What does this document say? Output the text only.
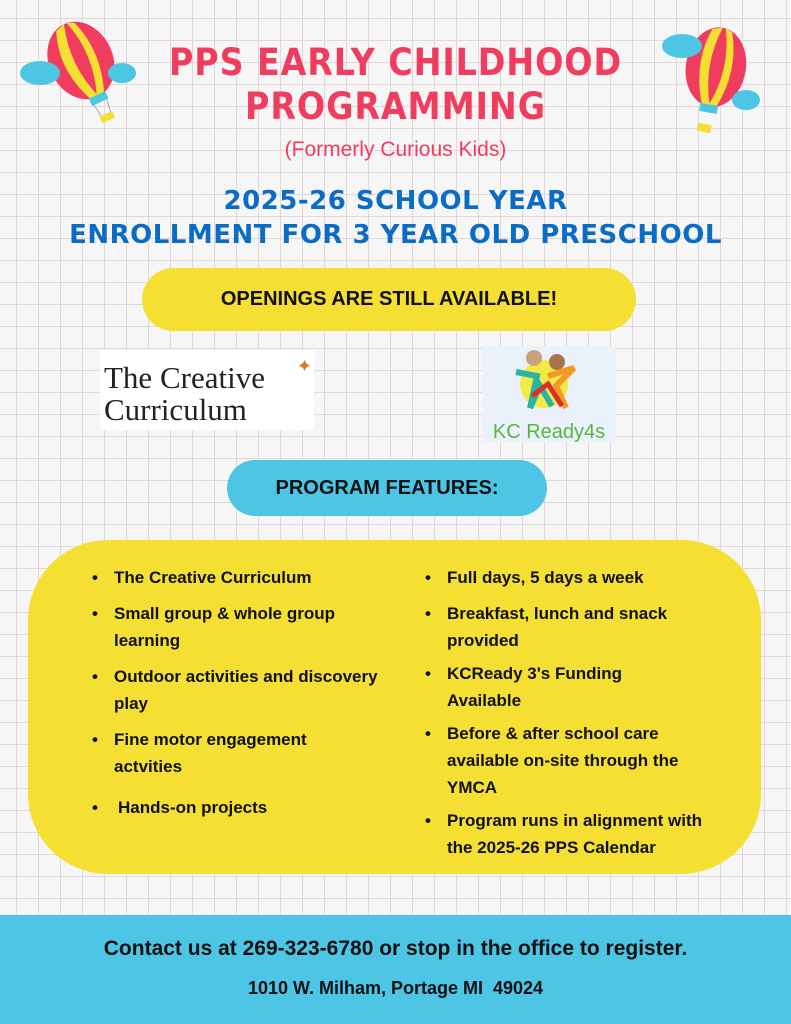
PPS EARLY CHILDHOOD
PROGRAMMING
(Formerly Curious Kids)
2025-26 SCHOOL YEAR
ENROLLMENT FOR 3 YEAR OLD PRESCHOOL
OPENINGS ARE STILL AVAILABLE!
The Creative
Curriculum
✦
KC Ready4s
PROGRAM FEATURES:
• The Creative Curriculum
• Small group & whole group learning
• Outdoor activities and discovery play
• Fine motor engagement actvities
• Hands-on projects
• Full days, 5 days a week
• Breakfast, lunch and snack provided
• KCReady 3's Funding Available
• Before & after school care available on-site through the YMCA
• Program runs in alignment with the 2025-26 PPS Calendar
Contact us at 269-323-6780 or stop in the office to register.
1010 W. Milham, Portage MI  49024
